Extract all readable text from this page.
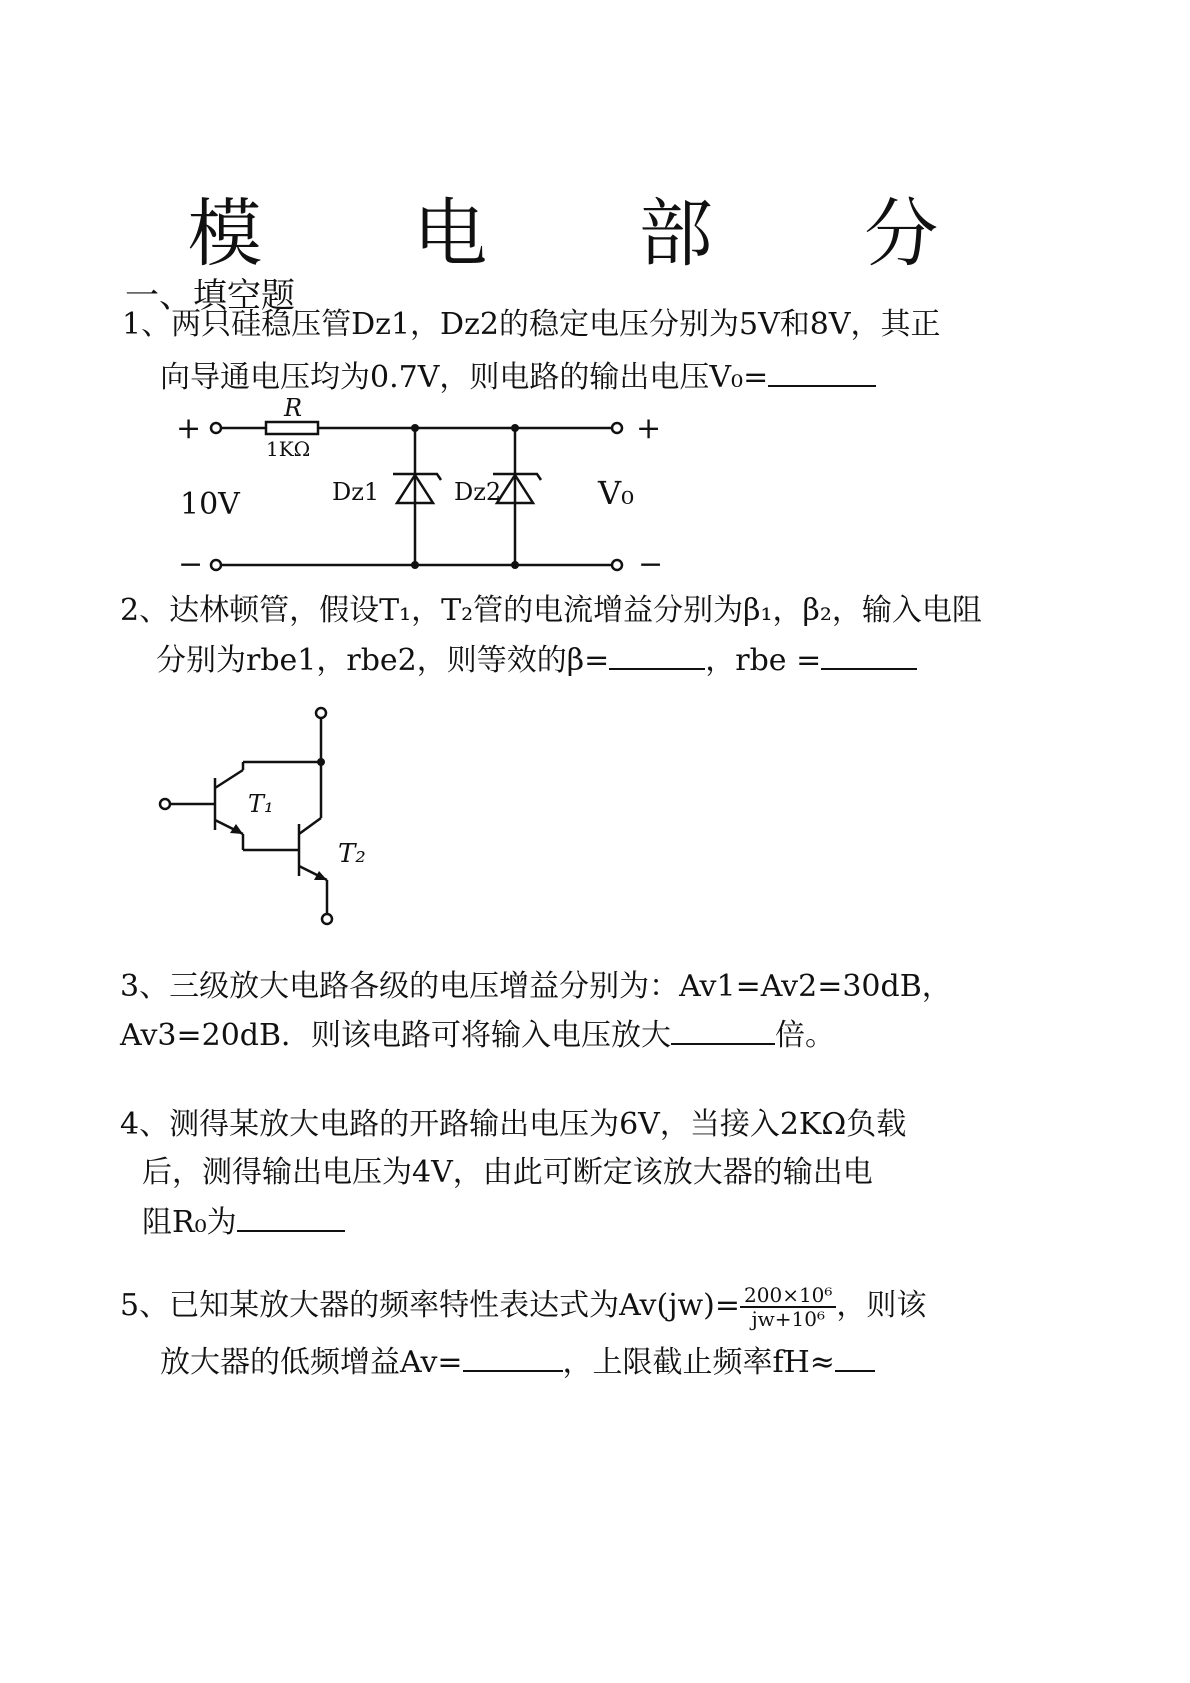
模 电 部 分
一、填空题
1、两只硅稳压管Dz1，Dz2的稳定电压分别为5V和8V，其正
向导通电压均为0.7V，则电路的输出电压V₀=
R
1KΩ
+	+
−	−
10V	Dz1	Dz2	V₀
2、达林顿管，假设T₁，T₂管的电流增益分别为β₁，β₂，输入电阻
分别为rbe1，rbe2，则等效的β=	，rbe =
T₁
T₂
3、三级放大电路各级的电压增益分别为：Av1=Av2=30dB，
Av3=20dB．则该电路可将输入电压放大	倍。
4、测得某放大电路的开路输出电压为6V，当接入2KΩ负载
后，测得输出电压为4V，由此可断定该放大器的输出电
阻R₀为
5、已知某放大器的频率特性表达式为$Av(jw)= \frac{\text{200×10⁶}}{\text{jw+10⁶}}$ ，则该
放大器的低频增益Av=	，上限截止频率fH≈
